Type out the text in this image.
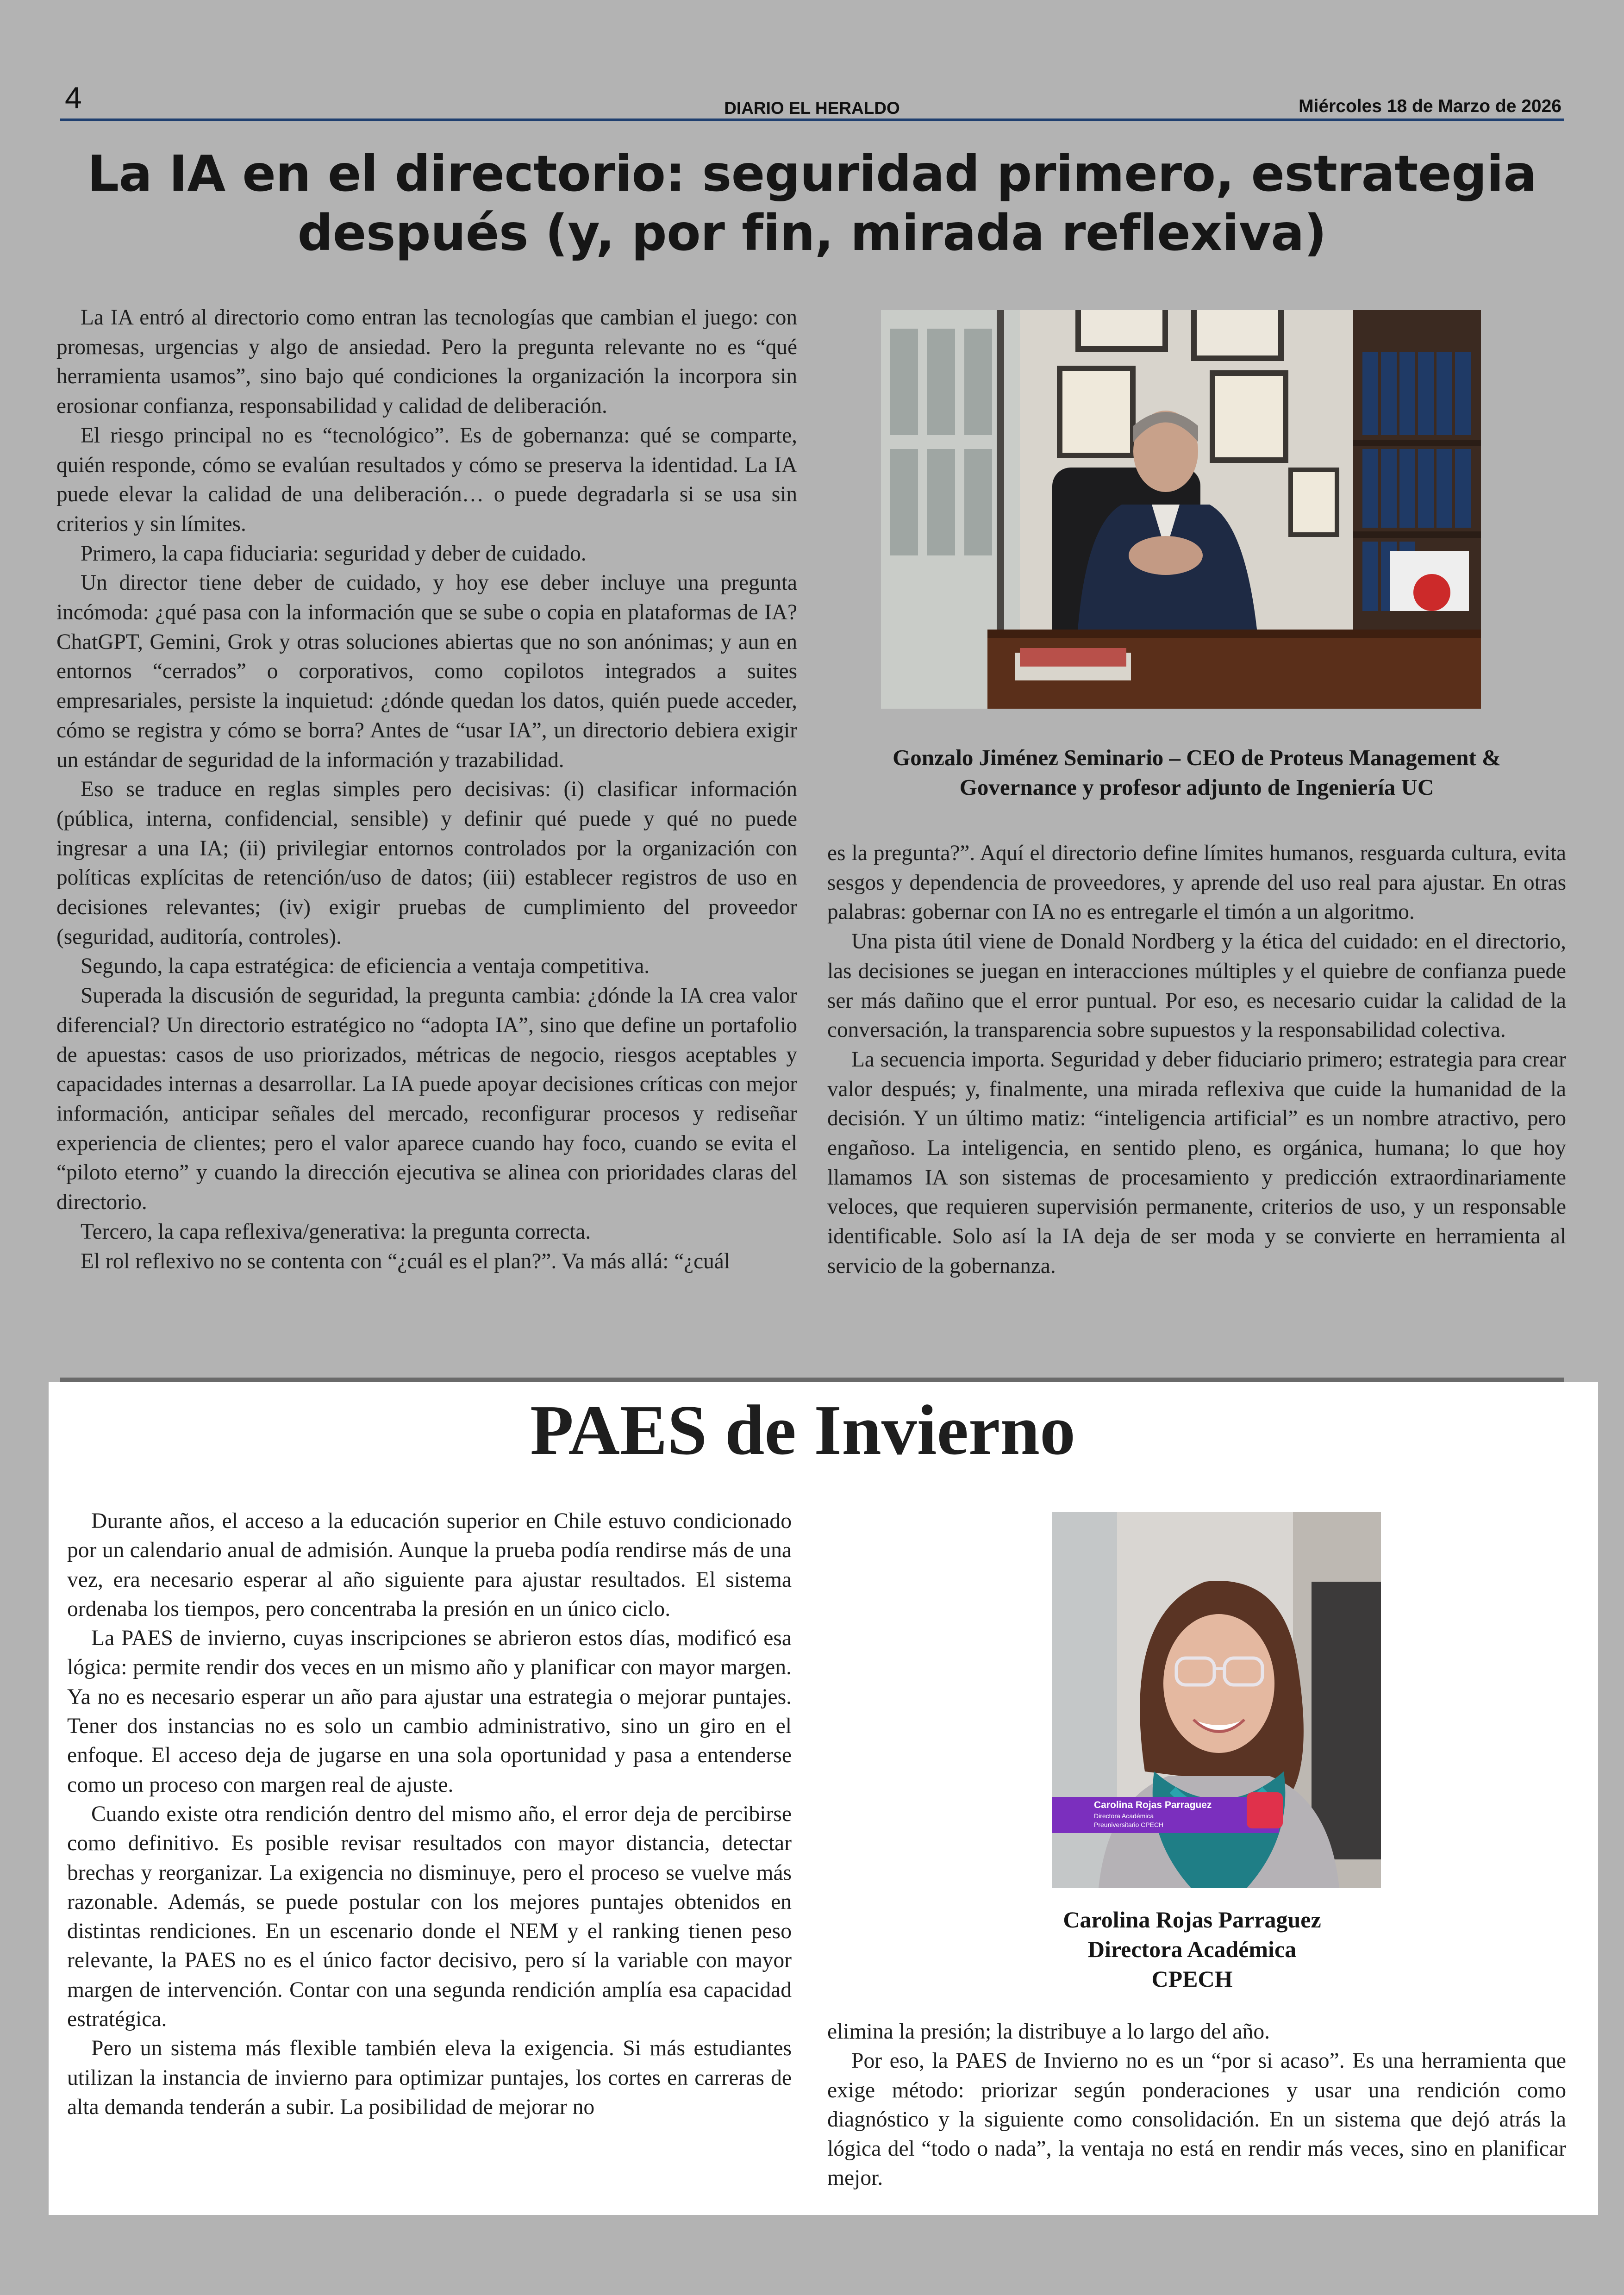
4	DIARIO EL HERALDO	Miércoles 18 de Marzo de 2026
La IA en el directorio: seguridad primero, estrategia
después (y, por fin, mirada reflexiva)

La IA entró al directorio como entran las tecnologías que cambian el juego: con promesas, urgencias y algo de ansiedad. Pero la pregunta relevante no es “qué herramienta usamos”, sino bajo qué condiciones la organización la incorpora sin erosionar confianza, responsabilidad y calidad de deliberación.

El riesgo principal no es “tecnológico”. Es de gobernanza: qué se comparte, quién responde, cómo se evalúan resultados y cómo se preserva la identidad. La IA puede elevar la calidad de una deliberación… o puede degradarla si se usa sin criterios y sin límites.

Primero, la capa fiduciaria: seguridad y deber de cuidado.

Un director tiene deber de cuidado, y hoy ese deber incluye una pregunta incómoda: ¿qué pasa con la información que se sube o copia en plataformas de IA? ChatGPT, Gemini, Grok y otras soluciones abiertas que no son anónimas; y aun en entornos “cerrados” o corporativos, como copilotos integrados a suites empresariales, persiste la inquietud: ¿dónde quedan los datos, quién puede acceder, cómo se registra y cómo se borra? Antes de “usar IA”, un directorio debiera exigir un estándar de seguridad de la información y trazabilidad.

Eso se traduce en reglas simples pero decisivas: (i) clasificar información (pública, interna, confidencial, sensible) y definir qué puede y qué no puede ingresar a una IA; (ii) privilegiar entornos controlados por la organización con políticas explícitas de retención/uso de datos; (iii) establecer registros de uso en decisiones relevantes; (iv) exigir pruebas de cumplimiento del proveedor (seguridad, auditoría, controles).

Segundo, la capa estratégica: de eficiencia a ventaja competitiva.

Superada la discusión de seguridad, la pregunta cambia: ¿dónde la IA crea valor diferencial? Un directorio estratégico no “adopta IA”, sino que define un portafolio de apuestas: casos de uso priorizados, métricas de negocio, riesgos aceptables y capacidades internas a desarrollar. La IA puede apoyar decisiones críticas con mejor información, anticipar señales del mercado, reconfigurar procesos y rediseñar experiencia de clientes; pero el valor aparece cuando hay foco, cuando se evita el “piloto eterno” y cuando la dirección ejecutiva se alinea con prioridades claras del directorio.

Tercero, la capa reflexiva/generativa: la pregunta correcta.

El rol reflexivo no se contenta con “¿cuál es el plan?”. Va más allá: “¿cuál

Gonzalo Jiménez Seminario – CEO de Proteus Management &
Governance y profesor adjunto de Ingeniería UC

es la pregunta?”. Aquí el directorio define límites humanos, resguarda cultura, evita sesgos y dependencia de proveedores, y aprende del uso real para ajustar. En otras palabras: gobernar con IA no es entregarle el timón a un algoritmo.

Una pista útil viene de Donald Nordberg y la ética del cuidado: en el directorio, las decisiones se juegan en interacciones múltiples y el quiebre de confianza puede ser más dañino que el error puntual. Por eso, es necesario cuidar la calidad de la conversación, la transparencia sobre supuestos y la responsabilidad colectiva.

La secuencia importa. Seguridad y deber fiduciario primero; estrategia para crear valor después; y, finalmente, una mirada reflexiva que cuide la humanidad de la decisión. Y un último matiz: “inteligencia artificial” es un nombre atractivo, pero engañoso. La inteligencia, en sentido pleno, es orgánica, humana; lo que hoy llamamos IA son sistemas de procesamiento y predicción extraordinariamente veloces, que requieren supervisión permanente, criterios de uso, y un responsable identificable. Solo así la IA deja de ser moda y se convierte en herramienta al servicio de la gobernanza.

PAES de Invierno

Durante años, el acceso a la educación superior en Chile estuvo condicionado por un calendario anual de admisión. Aunque la prueba podía rendirse más de una vez, era necesario esperar al año siguiente para ajustar resultados. El sistema ordenaba los tiempos, pero concentraba la presión en un único ciclo.

La PAES de invierno, cuyas inscripciones se abrieron estos días, modificó esa lógica: permite rendir dos veces en un mismo año y planificar con mayor margen. Ya no es necesario esperar un año para ajustar una estrategia o mejorar puntajes. Tener dos instancias no es solo un cambio administrativo, sino un giro en el enfoque. El acceso deja de jugarse en una sola oportunidad y pasa a entenderse como un proceso con margen real de ajuste.

Cuando existe otra rendición dentro del mismo año, el error deja de percibirse como definitivo. Es posible revisar resultados con mayor distancia, detectar brechas y reorganizar. La exigencia no disminuye, pero el proceso se vuelve más razonable. Además, se puede postular con los mejores puntajes obtenidos en distintas rendiciones. En un escenario donde el NEM y el ranking tienen peso relevante, la PAES no es el único factor decisivo, pero sí la variable con mayor margen de intervención. Contar con una segunda rendición amplía esa capacidad estratégica.

Pero un sistema más flexible también eleva la exigencia. Si más estudiantes utilizan la instancia de invierno para optimizar puntajes, los cortes en carreras de alta demanda tenderán a subir. La posibilidad de mejorar no

Carolina Rojas Parraguez
Directora Académica
Preuniversitario CPECH
Carolina Rojas Parraguez
Directora Académica
CPECH

elimina la presión; la distribuye a lo largo del año.

Por eso, la PAES de Invierno no es un “por si acaso”. Es una herramienta que exige método: priorizar según ponderaciones y usar una rendición como diagnóstico y la siguiente como consolidación. En un sistema que dejó atrás la lógica del “todo o nada”, la ventaja no está en rendir más veces, sino en planificar mejor.
